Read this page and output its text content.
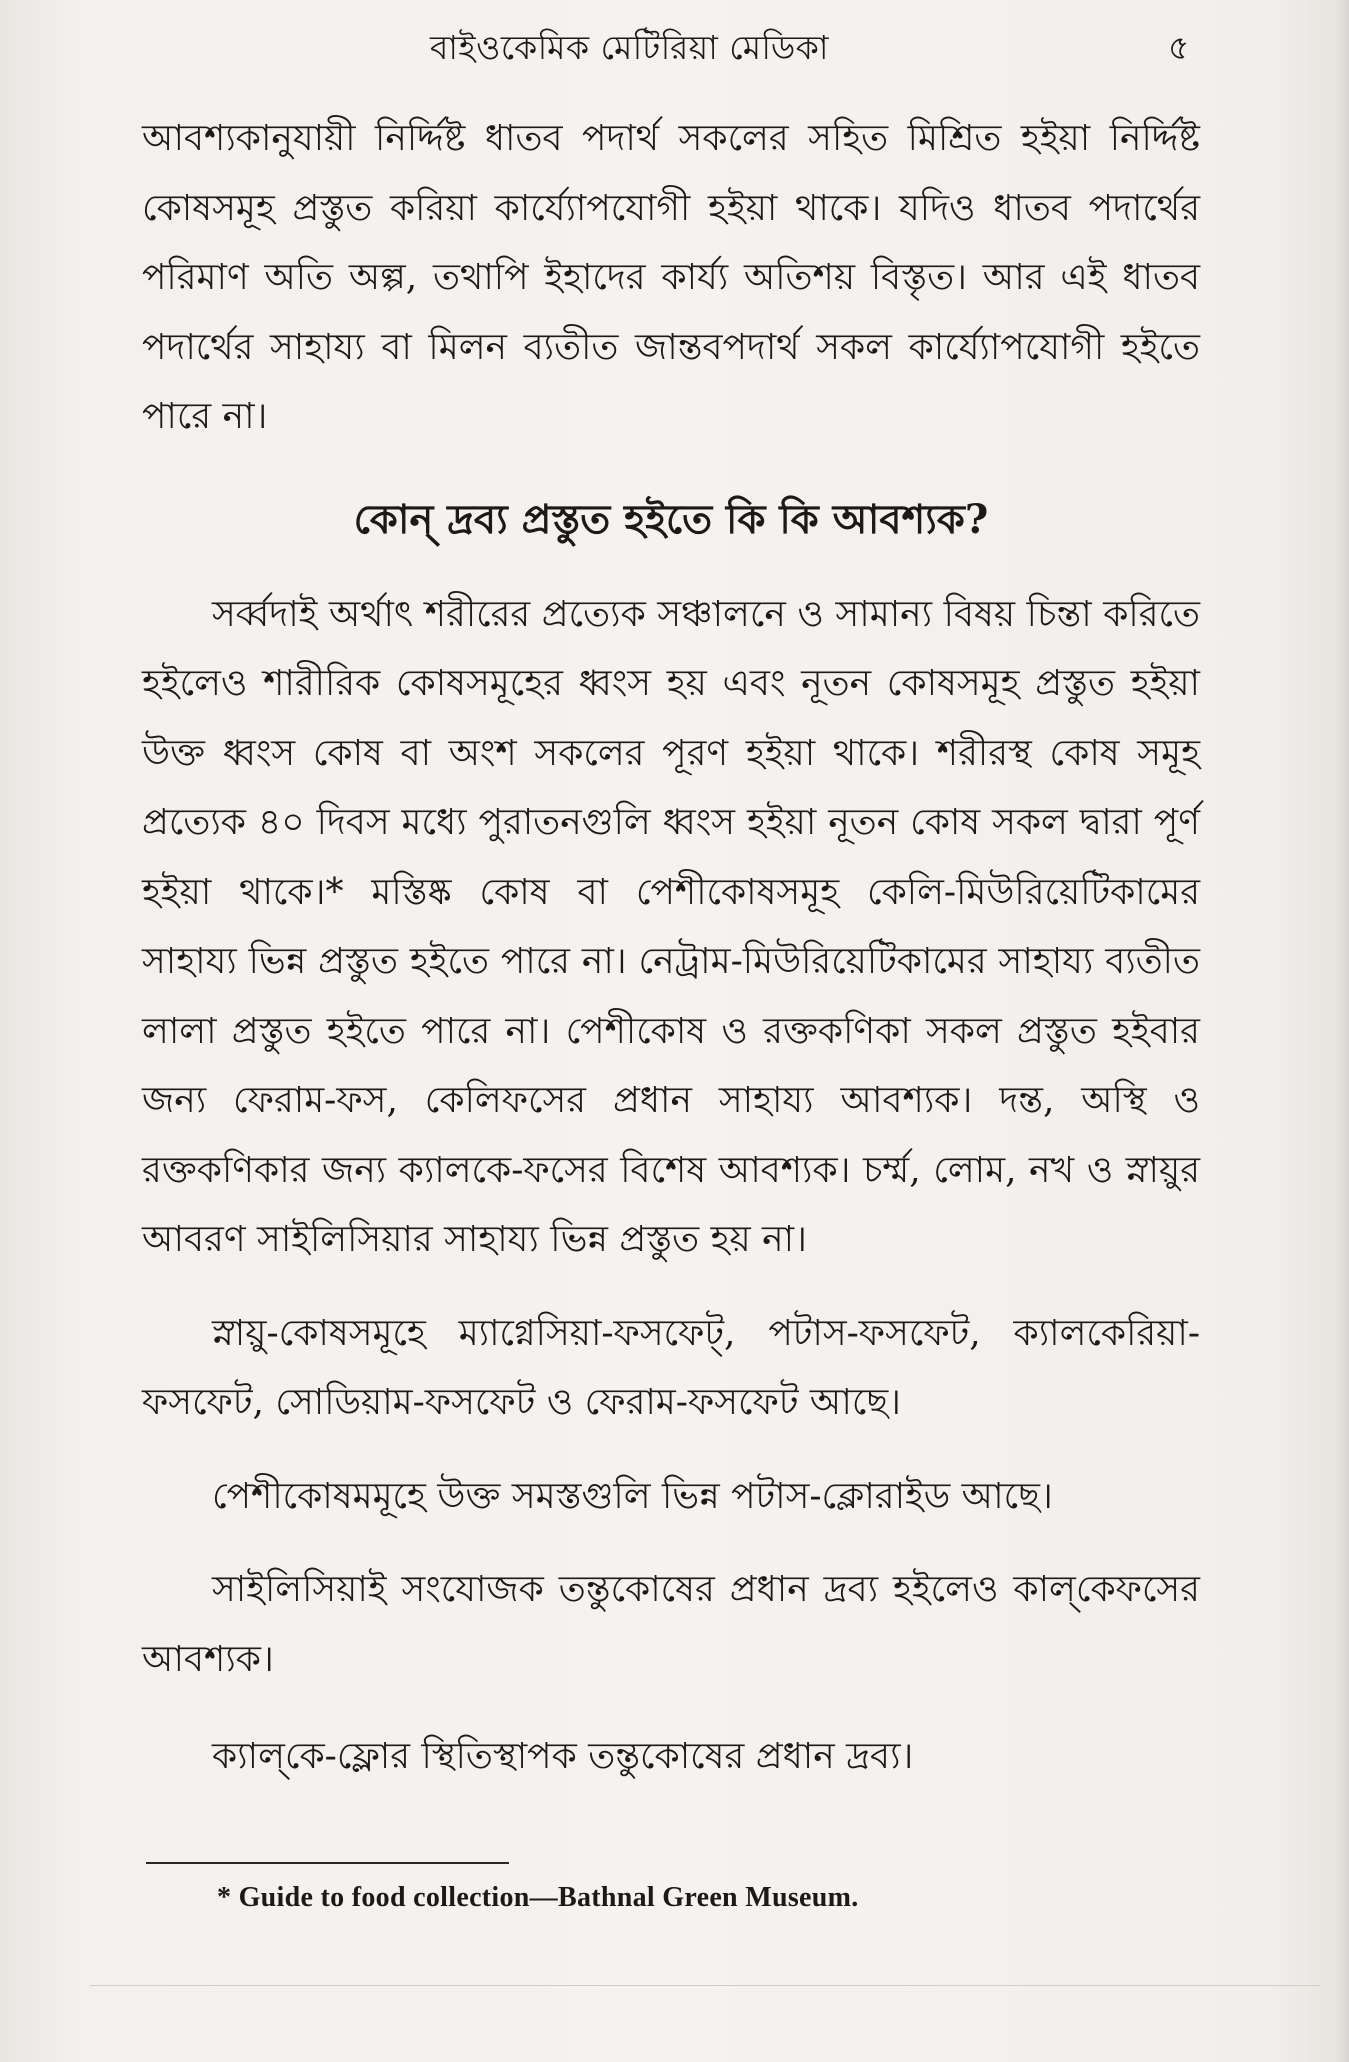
বাইওকেমিক মেটিরিয়া মেডিকা	৫

আবশ্যকানুযায়ী নির্দ্দিষ্ট ধাতব পদার্থ সকলের সহিত মিশ্রিত হইয়া নির্দ্দিষ্ট কোষসমূহ প্রস্তুত করিয়া কার্য্যোপযোগী হইয়া থাকে। যদিও ধাতব পদার্থের পরিমাণ অতি অল্প, তথাপি ইহাদের কার্য্য অতিশয় বিস্তৃত। আর এই ধাতব পদার্থের সাহায্য বা মিলন ব্যতীত জান্তবপদার্থ সকল কার্য্যোপযোগী হইতে পারে না।

কোন্ দ্রব্য প্রস্তুত হইতে কি কি আবশ্যক?

সর্ব্বদাই অর্থাৎ শরীরের প্রত্যেক সঞ্চালনে ও সামান্য বিষয় চিন্তা করিতে হইলেও শারীরিক কোষসমূহের ধ্বংস হয় এবং নূতন কোষসমূহ প্রস্তুত হইয়া উক্ত ধ্বংস কোষ বা অংশ সকলের পূরণ হইয়া থাকে। শরীরস্থ কোষ সমূহ প্রত্যেক ৪০ দিবস মধ্যে পুরাতনগুলি ধ্বংস হইয়া নূতন কোষ সকল দ্বারা পূর্ণ হইয়া থাকে।* মস্তিষ্ক কোষ বা পেশীকোষসমূহ কেলি-মিউরিয়েটিকামের সাহায্য ভিন্ন প্রস্তুত হইতে পারে না। নেট্রাম-মিউরিয়েটিকামের সাহায্য ব্যতীত লালা প্রস্তুত হইতে পারে না। পেশীকোষ ও রক্তকণিকা সকল প্রস্তুত হইবার জন্য ফেরাম-ফস, কেলিফসের প্রধান সাহায্য আবশ্যক। দন্ত, অস্থি ও রক্তকণিকার জন্য ক্যালকে-ফসের বিশেষ আবশ্যক। চর্ম্ম, লোম, নখ ও স্নায়ুর আবরণ সাইলিসিয়ার সাহায্য ভিন্ন প্রস্তুত হয় না।

স্নায়ু-কোষসমূহে ম্যাগ্নেসিয়া-ফসফেট্, পটাস-ফসফেট, ক্যালকেরিয়া-ফসফেট, সোডিয়াম-ফসফেট ও ফেরাম-ফসফেট আছে।

পেশীকোষমমূহে উক্ত সমস্তগুলি ভিন্ন পটাস-ক্লোরাইড আছে।

সাইলিসিয়াই সংযোজক তন্তুকোষের প্রধান দ্রব্য হইলেও কাল্‌কেফসের আবশ্যক।

ক্যাল্‌কে-ফ্লোর স্থিতিস্থাপক তন্তুকোষের প্রধান দ্রব্য।

* Guide to food collection—Bathnal Green Museum.
